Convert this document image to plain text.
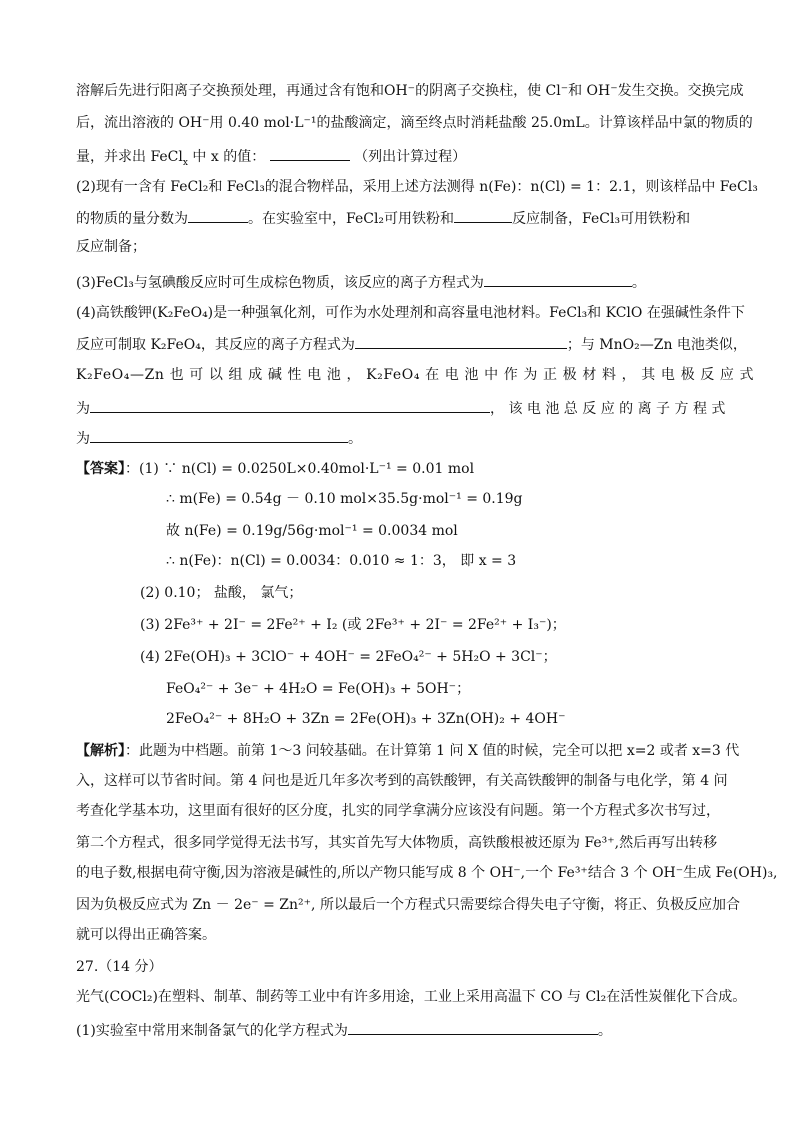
溶解后先进行阳离子交换预处理，再通过含有饱和OH⁻的阴离子交换柱，使 Cl⁻和 OH⁻发生交换。交换完成
后，流出溶液的 OH⁻用 0.40 mol·L⁻¹的盐酸滴定，滴至终点时消耗盐酸 25.0mL。计算该样品中氯的物质的
量，并求出 FeCl$_x$ 中 x 的值：	（列出计算过程）
(2)现有一含有 FeCl₂和 FeCl₃的混合物样品，采用上述方法测得 n(Fe)：n(Cl) = 1：2.1，则该样品中 FeCl₃
的物质的量分数为	。在实验室中，FeCl₂可用铁粉和	反应制备，FeCl₃可用铁粉和
反应制备；
(3)FeCl₃与氢碘酸反应时可生成棕色物质，该反应的离子方程式为	。
(4)高铁酸钾(K₂FeO₄)是一种强氧化剂，可作为水处理剂和高容量电池材料。FeCl₃和 KClO 在强碱性条件下
反应可制取 K₂FeO₄，其反应的离子方程式为	；与 MnO₂—Zn 电池类似，
K₂FeO₄—Zn 也 可 以 组 成 碱 性 电 池 ， K₂FeO₄ 在 电 池 中 作 为 正 极 材 料 ， 其 电 极 反 应 式
为	， 该 电 池 总 反 应 的 离 子 方 程 式
为	。
【答案】：(1) ∵ n(Cl) = 0.0250L×0.40mol·L⁻¹ = 0.01 mol
∴ m(Fe) = 0.54g － 0.10 mol×35.5g·mol⁻¹ = 0.19g
故 n(Fe) = 0.19g/56g·mol⁻¹ = 0.0034 mol
∴ n(Fe)：n(Cl) = 0.0034：0.010 ≈ 1：3， 即 x = 3
(2) 0.10； 盐酸， 氯气；
(3) 2Fe³⁺ + 2I⁻ = 2Fe²⁺ + I₂ (或 2Fe³⁺ + 2I⁻ = 2Fe²⁺ + I₃⁻)；
(4) 2Fe(OH)₃ + 3ClO⁻ + 4OH⁻ = 2FeO₄²⁻ + 5H₂O + 3Cl⁻；
FeO₄²⁻ + 3e⁻ + 4H₂O = Fe(OH)₃ + 5OH⁻；
2FeO₄²⁻ + 8H₂O + 3Zn = 2Fe(OH)₃ + 3Zn(OH)₂ + 4OH⁻
【解析】：此题为中档题。前第 1～3 问较基础。在计算第 1 问 X 值的时候，完全可以把 x=2 或者 x=3 代
入，这样可以节省时间。第 4 问也是近几年多次考到的高铁酸钾，有关高铁酸钾的制备与电化学，第 4 问
考查化学基本功，这里面有很好的区分度，扎实的同学拿满分应该没有问题。第一个方程式多次书写过，
第二个方程式，很多同学觉得无法书写，其实首先写大体物质，高铁酸根被还原为 Fe³⁺,然后再写出转移
的电子数,根据电荷守衡,因为溶液是碱性的,所以产物只能写成 8 个 OH⁻,一个 Fe³⁺结合 3 个 OH⁻生成 Fe(OH)₃,
因为负极反应式为 Zn － 2e⁻ = Zn²⁺, 所以最后一个方程式只需要综合得失电子守衡，将正、负极反应加合
就可以得出正确答案。
27.（14 分）
光气(COCl₂)在塑料、制革、制药等工业中有许多用途，工业上采用高温下 CO 与 Cl₂在活性炭催化下合成。
(1)实验室中常用来制备氯气的化学方程式为	。
